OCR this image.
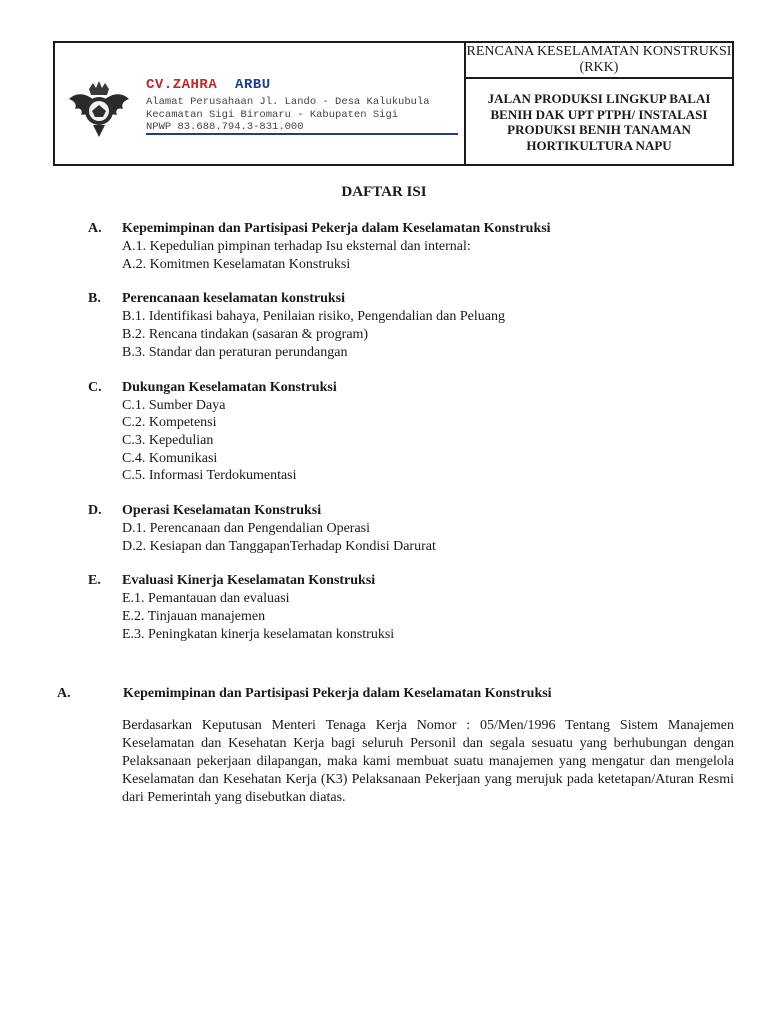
CV.ZAHRA ARBU
Alamat Perusahaan Jl. Lando - Desa Kalukubula
Kecamatan Sigi Biromaru - Kabupaten Sigi
NPWP 83.688.794.3-831.000
RENCANA KESELAMATAN KONSTRUKSI (RKK)
JALAN PRODUKSI LINGKUP BALAI BENIH DAK UPT PTPH/ INSTALASI PRODUKSI BENIH TANAMAN HORTIKULTURA NAPU
DAFTAR ISI
A.	Kepemimpinan dan Partisipasi Pekerja dalam Keselamatan Konstruksi
A.1. Kepedulian pimpinan terhadap Isu eksternal dan internal:
A.2. Komitmen Keselamatan Konstruksi
B.	Perencanaan keselamatan konstruksi
B.1. Identifikasi bahaya, Penilaian risiko, Pengendalian dan Peluang
B.2. Rencana tindakan (sasaran & program)
B.3. Standar dan peraturan perundangan
C.	Dukungan Keselamatan Konstruksi
C.1. Sumber Daya
C.2. Kompetensi
C.3. Kepedulian
C.4. Komunikasi
C.5. Informasi Terdokumentasi
D.	Operasi Keselamatan Konstruksi
D.1. Perencanaan dan Pengendalian Operasi
D.2. Kesiapan dan TanggapanTerhadap Kondisi Darurat
E.	Evaluasi Kinerja Keselamatan Konstruksi
E.1. Pemantauan dan evaluasi
E.2. Tinjauan manajemen
E.3. Peningkatan kinerja keselamatan konstruksi
A.	Kepemimpinan dan Partisipasi Pekerja dalam Keselamatan Konstruksi

Berdasarkan Keputusan Menteri Tenaga Kerja Nomor : 05/Men/1996 Tentang Sistem Manajemen Keselamatan dan Kesehatan Kerja bagi seluruh Personil dan segala sesuatu yang berhubungan dengan Pelaksanaan pekerjaan dilapangan, maka kami membuat suatu manajemen yang mengatur dan mengelola Keselamatan dan Kesehatan Kerja (K3) Pelaksanaan Pekerjaan yang merujuk pada ketetapan/Aturan Resmi dari Pemerintah yang disebutkan diatas.
